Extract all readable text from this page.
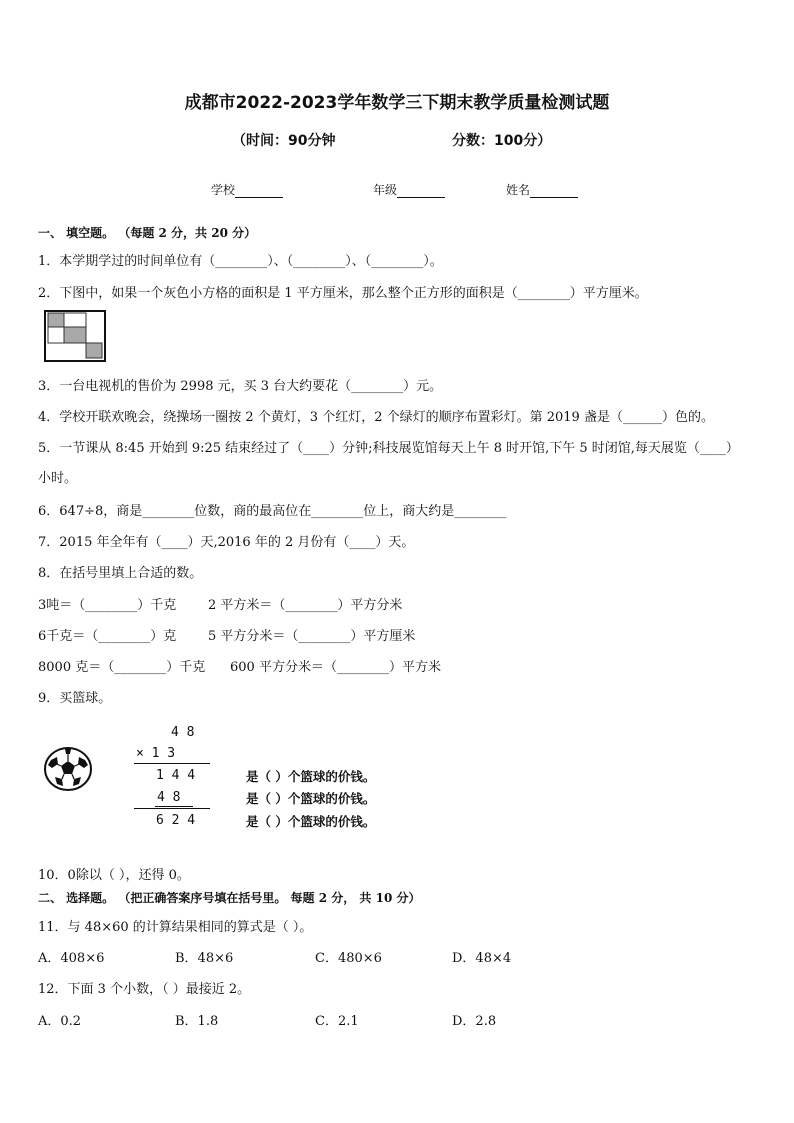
成都市2022-2023学年数学三下期末教学质量检测试题
（时间：90分钟	分数：100分）
学校	年级	姓名
一、 填空题。 （每题 2 分，共 20 分）
1．本学期学过的时间单位有（________）、（________）、（________）。
2．下图中，如果一个灰色小方格的面积是 1 平方厘米，那么整个正方形的面积是（________）平方厘米。
3．一台电视机的售价为 2998 元，买 3 台大约要花（________）元。
4．学校开联欢晚会，绕操场一圈按 2 个黄灯，3 个红灯，2 个绿灯的顺序布置彩灯。第 2019 盏是（______）色的。
5．一节课从 8:45 开始到 9:25 结束经过了（____）分钟;科技展览馆每天上午 8 时开馆,下午 5 时闭馆,每天展览（____）
小时。
6．647÷8，商是________位数，商的最高位在________位上，商大约是________
7．2015 年全年有（____）天,2016 年的 2 月份有（____）天。
8．在括号里填上合适的数。
3吨＝（________）千克 2 平方米＝（________）平方分米
6千克＝（________）克 5 平方分米＝（________）平方厘米
8000 克＝（________）千克 600 平方分米＝（________）平方米
9．买篮球。
4 8
× 1 3
1 4 4
4 8
6 2 4
是（ ）个篮球的价钱。
是（ ）个篮球的价钱。
是（ ）个篮球的价钱。
10．0除以（ ），还得 0。
二、 选择题。 （把正确答案序号填在括号里。 每题 2 分， 共 10 分）
11．与 48×60 的计算结果相同的算式是（ ）。
A．408×6	B．48×6	C．480×6	D．48×4
12．下面 3 个小数，（ ）最接近 2。
A．0.2	B．1.8	C．2.1	D．2.8
